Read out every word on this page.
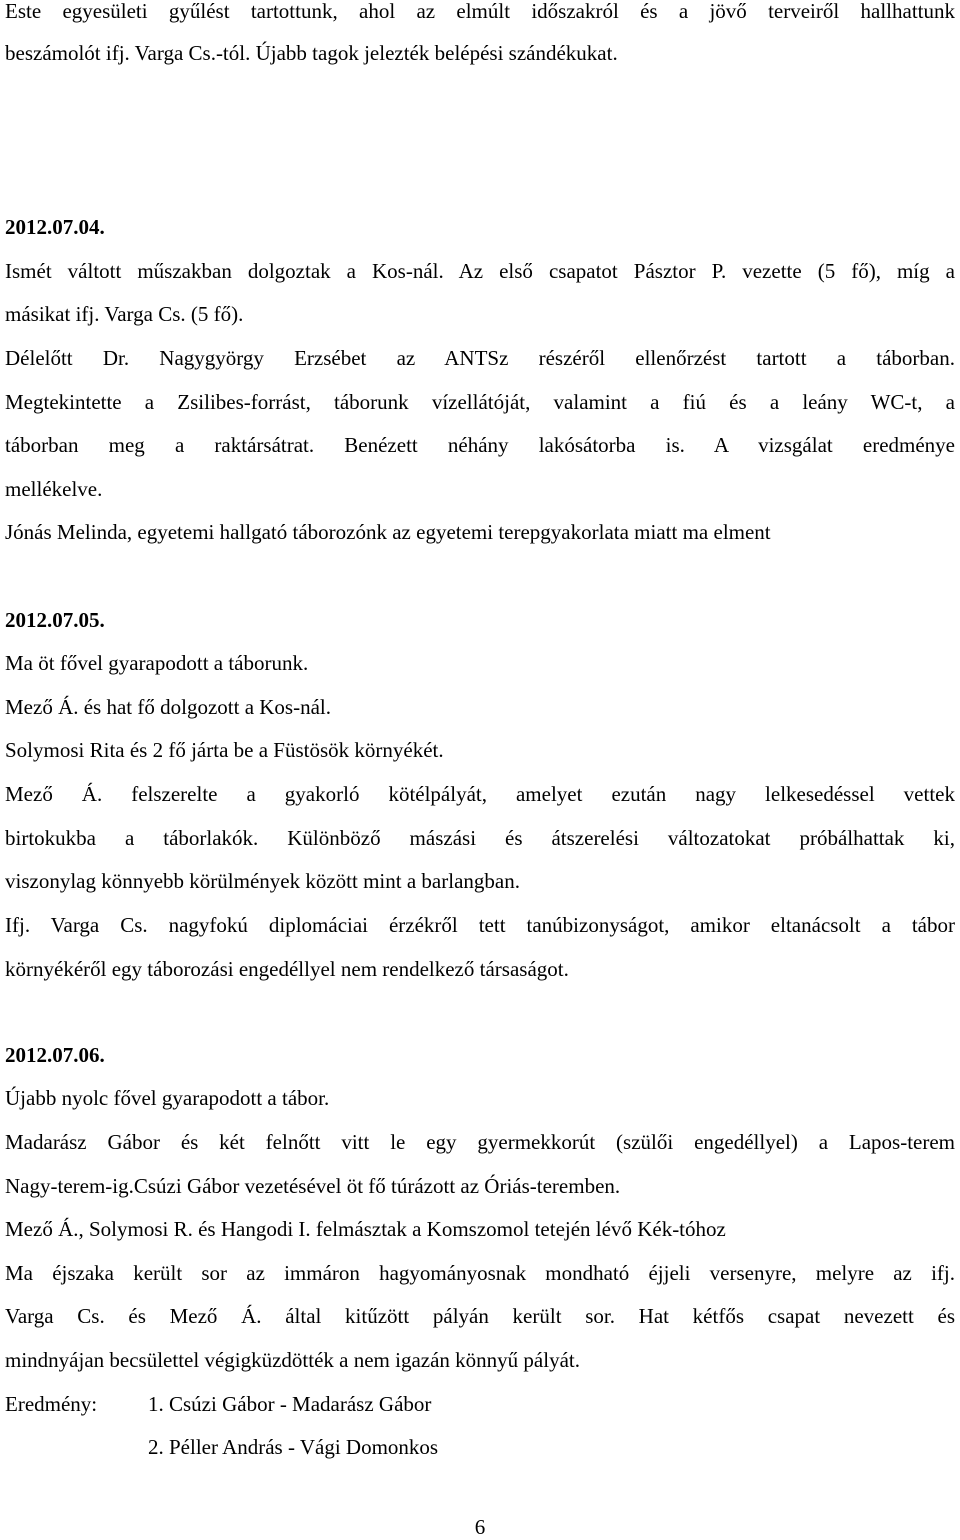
Este egyesületi gyűlést tartottunk, ahol az elmúlt időszakról és a jövő terveiről hallhattunk
beszámolót ifj. Varga Cs.-tól. Újabb tagok jelezték belépési szándékukat.
2012.07.04.
Ismét váltott műszakban dolgoztak a Kos-nál. Az első csapatot Pásztor P. vezette (5 fő), míg a
másikat ifj. Varga Cs. (5 fő).
Délelőtt Dr. Nagygyörgy Erzsébet az ANTSz részéről ellenőrzést tartott a táborban.
Megtekintette a Zsilibes-forrást, táborunk vízellátóját, valamint a fiú és a leány WC-t, a
táborban meg a raktársátrat. Benézett néhány lakósátorba is. A vizsgálat eredménye
mellékelve.
Jónás Melinda, egyetemi hallgató táborozónk az egyetemi terepgyakorlata miatt ma elment
2012.07.05.
Ma öt fővel gyarapodott a táborunk.
Mező Á. és hat fő dolgozott a Kos-nál.
Solymosi Rita és 2 fő járta be a Füstösök környékét.
Mező Á. felszerelte a gyakorló kötélpályát, amelyet ezután nagy lelkesedéssel vettek
birtokukba a táborlakók. Különböző mászási és átszerelési változatokat próbálhattak ki,
viszonylag könnyebb körülmények között mint a barlangban.
Ifj. Varga Cs. nagyfokú diplomáciai érzékről tett tanúbizonyságot, amikor eltanácsolt a tábor
környékéről egy táborozási engedéllyel nem rendelkező társaságot.
2012.07.06.
Újabb nyolc fővel gyarapodott a tábor.
Madarász Gábor és két felnőtt vitt le egy gyermekkorút (szülői engedéllyel) a Lapos-terem
Nagy-terem-ig.Csúzi Gábor vezetésével öt fő túrázott az Óriás-teremben.
Mező Á., Solymosi R. és Hangodi I. felmásztak a Komszomol tetején lévő Kék-tóhoz
Ma éjszaka került sor az immáron hagyományosnak mondható éjjeli versenyre, melyre az ifj.
Varga Cs. és Mező Á. által kitűzött pályán került sor. Hat kétfős csapat nevezett és
mindnyájan becsülettel végigküzdötték a nem igazán könnyű pályát.
Eredmény: 1. Csúzi Gábor - Madarász Gábor
2. Péller András - Vági Domonkos
6
